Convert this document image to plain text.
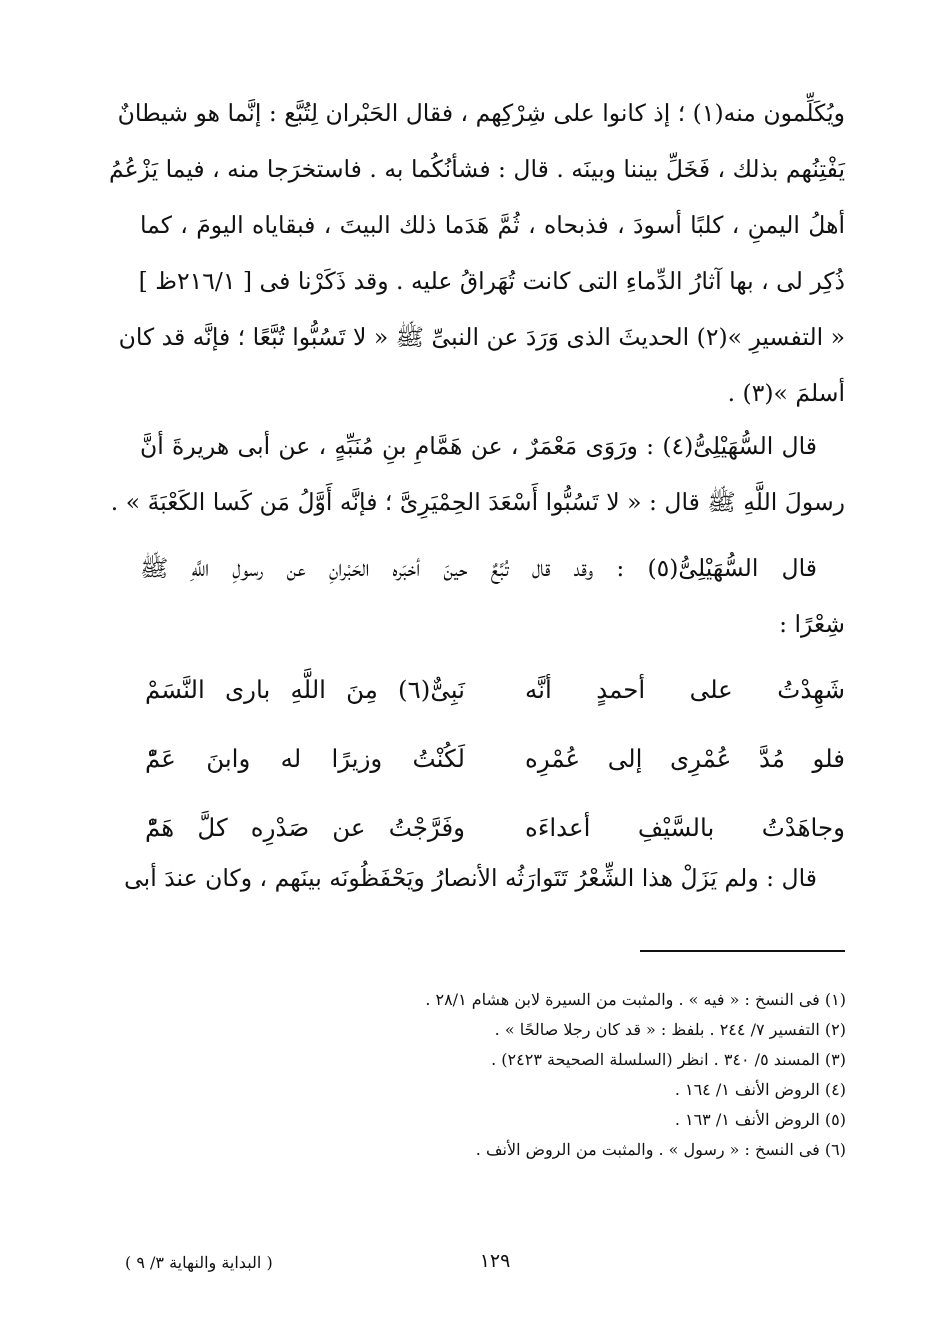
ويُكَلِّمون منه(١) ؛ إذ كانوا على شِرْكِهم ، فقال الحَبْران لِتُبَّع : إنَّما هو شيطانٌ
يَفْتِنُهم بذلك ، فَخَلِّ بيننا وبينَه . قال : فشأنُكُما به . فاستخرَجا منه ، فيما يَزْعُمُ
أهلُ اليمنِ ، كلبًا أسودَ ، فذبحاه ، ثُمَّ هَدَما ذلك البيتَ ، فبقاياه اليومَ ، كما
ذُكِر لى ، بها آثارُ الدِّماءِ التى كانت تُهَراقُ عليه . وقد ذَكَرْنا فى [ ٢١٦/١ظ ]
« التفسيرِ »(٢) الحديثَ الذى وَرَدَ عن النبىِّ ﷺ « لا تَسُبُّوا تُبَّعًا ؛ فإنَّه قد كان
أسلمَ »(٣) .
قال السُّهَيْلِىُّ(٤) : ورَوَى مَعْمَرٌ ، عن هَمَّامِ بنِ مُنَبِّهٍ ، عن أبى هريرةَ أنَّ
رسولَ اللَّهِ ﷺ قال : « لا تَسُبُّوا أَسْعَدَ الحِمْيَرِىَّ ؛ فإنَّه أَوَّلُ مَن كَسا الكَعْبَةَ » .
قال السُّهَيْلِىُّ(٥) : وقد قال تُبَّعٌ حينَ أخبَره الحَبْرانِ عن رسولِ اللَّهِ ﷺ
شِعْرًا :
شَهِدْتُ على أحمدٍ أنَّه
نَبِىٌّ(٦) مِنَ اللَّهِ بارى النَّسَمْ
فلو مُدَّ عُمْرِى إلى عُمْرِه
لَكُنْتُ وزيرًا له وابنَ عَمّْ
وجاهَدْتُ بالسَّيْفِ أعداءَه
وفَرَّجْتُ عن صَدْرِه كلَّ هَمّْ
قال : ولم يَزَلْ هذا الشِّعْرُ تَتَوارَثُه الأنصارُ ويَحْفَظُونَه بينَهم ، وكان عندَ أبى
(١) فى النسخ : « فيه » . والمثبت من السيرة لابن هشام ٢٨/١ .
(٢) التفسير ٧/ ٢٤٤ . بلفظ : « قد كان رجلا صالحًا » .
(٣) المسند ٥/ ٣٤٠ . انظر (السلسلة الصحيحة ٢٤٢٣) .
(٤) الروض الأنف ١/ ١٦٤ .
(٥) الروض الأنف ١/ ١٦٣ .
(٦) فى النسخ : « رسول » . والمثبت من الروض الأنف .
١٢٩
( البداية والنهاية ٣/ ٩ )
